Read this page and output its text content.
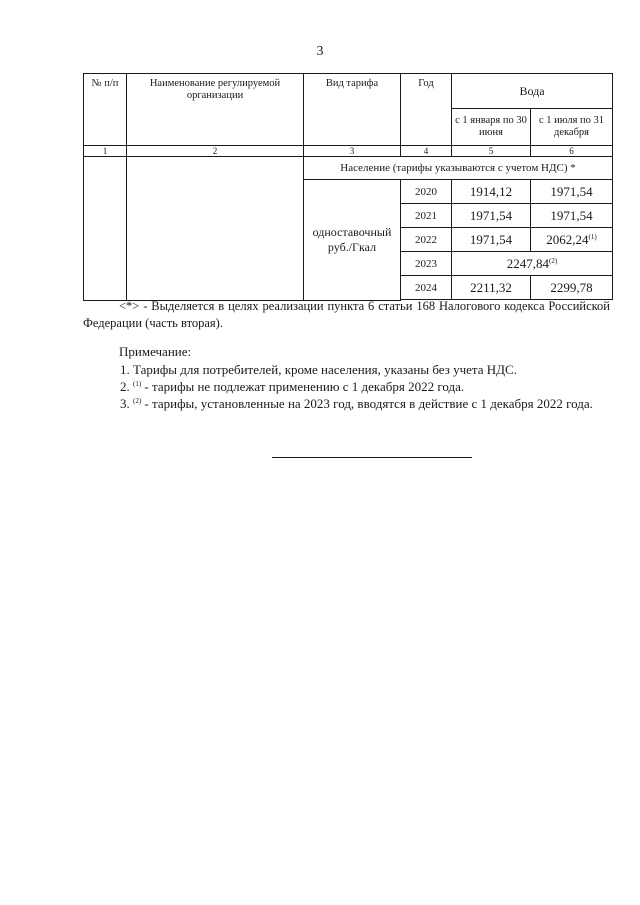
3
№ п/п	Наименование регулируемой организации	Вид тарифа	Год	Вода	
				с 1 января по 30 июня	с 1 июля по 31 декабря
1	2	3	4	5	6
		Население (тарифы указываются с учетом НДС) *			
		одноставочный руб./Гкал	2020	1914,12	1971,54
			2021	1971,54	1971,54
			2022	1971,54	2062,24$^{(1)}$
			2023	2247,84$^{(2)}$
			2024	2211,32	2299,78

<*> - Выделяется в целях реализации пункта 6 статьи 168 Налогового кодекса Российской Федерации (часть вторая).

Примечание:

1. Тарифы для потребителей, кроме населения, указаны без учета НДС.

2. $^{(1)}$ - тарифы не подлежат применению с 1 декабря 2022 года.

3. $^{(2)}$ - тарифы, установленные на 2023 год, вводятся в действие с 1 декабря 2022 года.
